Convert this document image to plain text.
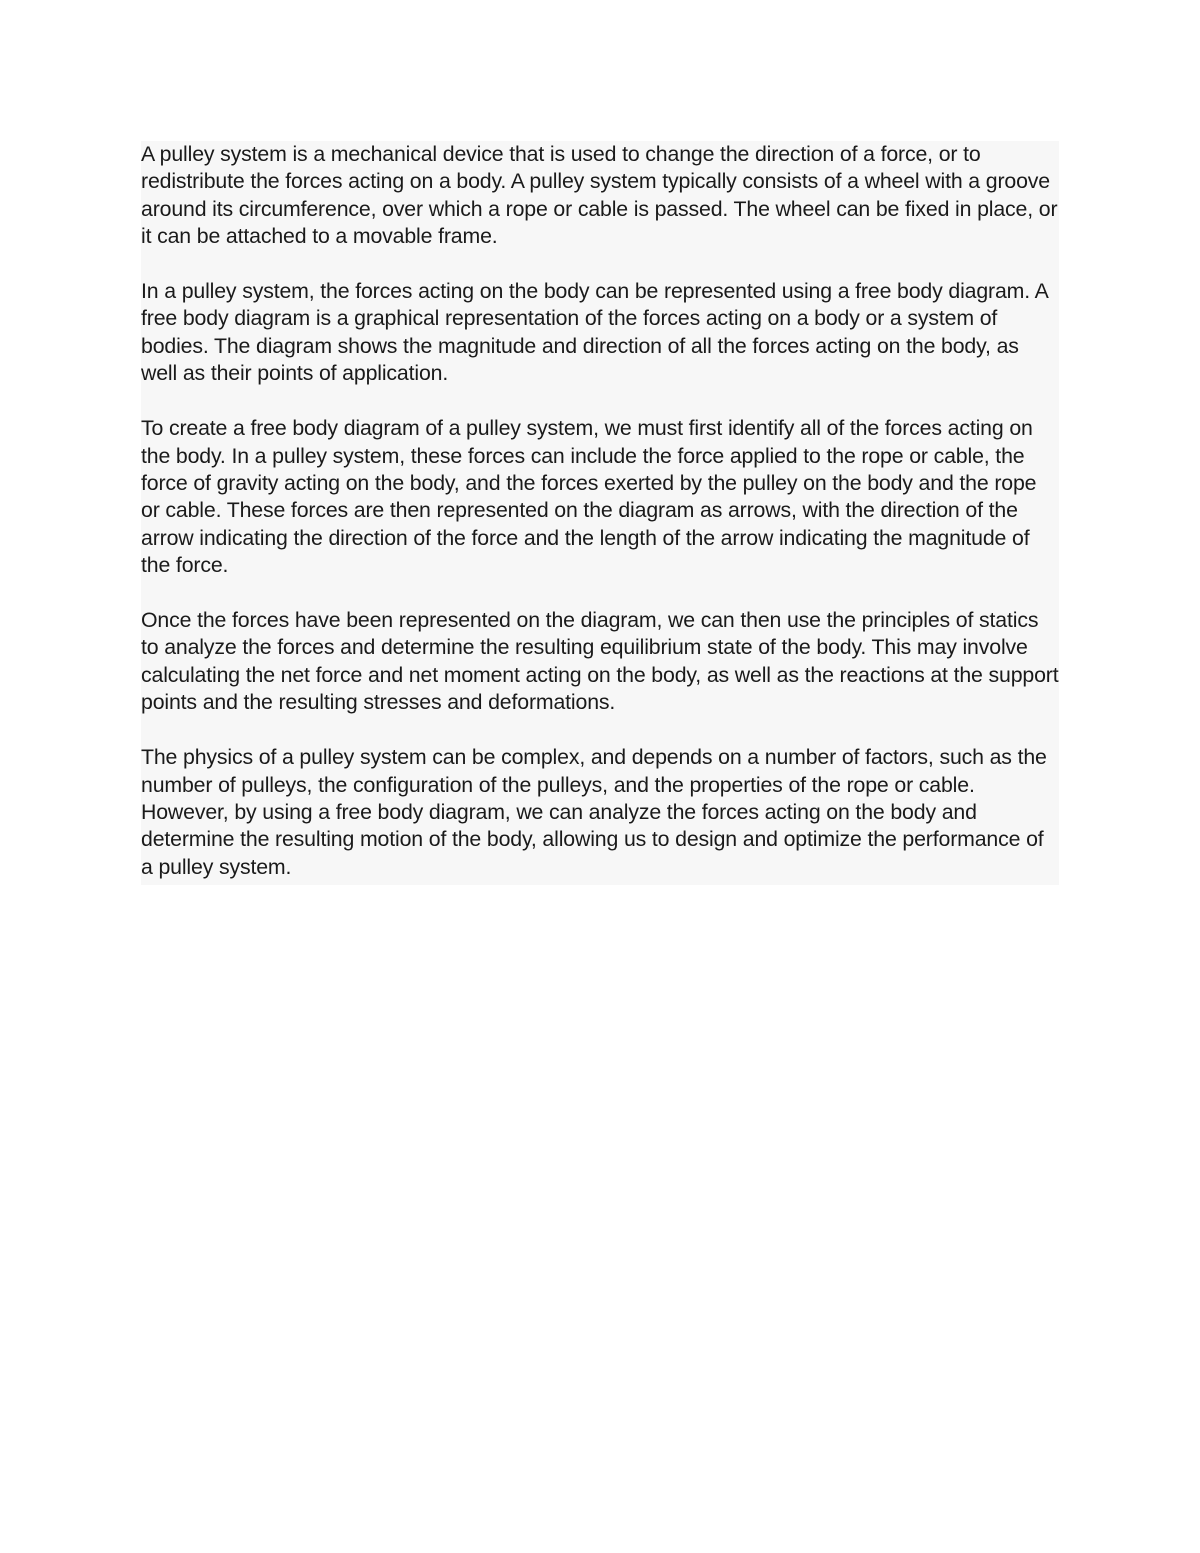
A pulley system is a mechanical device that is used to change the direction of a force, or to redistribute the forces acting on a body. A pulley system typically consists of a wheel with a groove around its circumference, over which a rope or cable is passed. The wheel can be fixed in place, or it can be attached to a movable frame.

In a pulley system, the forces acting on the body can be represented using a free body diagram. A free body diagram is a graphical representation of the forces acting on a body or a system of bodies. The diagram shows the magnitude and direction of all the forces acting on the body, as well as their points of application.

To create a free body diagram of a pulley system, we must first identify all of the forces acting on the body. In a pulley system, these forces can include the force applied to the rope or cable, the force of gravity acting on the body, and the forces exerted by the pulley on the body and the rope or cable. These forces are then represented on the diagram as arrows, with the direction of the arrow indicating the direction of the force and the length of the arrow indicating the magnitude of the force.

Once the forces have been represented on the diagram, we can then use the principles of statics to analyze the forces and determine the resulting equilibrium state of the body. This may involve calculating the net force and net moment acting on the body, as well as the reactions at the support points and the resulting stresses and deformations.

The physics of a pulley system can be complex, and depends on a number of factors, such as the number of pulleys, the configuration of the pulleys, and the properties of the rope or cable. However, by using a free body diagram, we can analyze the forces acting on the body and determine the resulting motion of the body, allowing us to design and optimize the performance of a pulley system.
